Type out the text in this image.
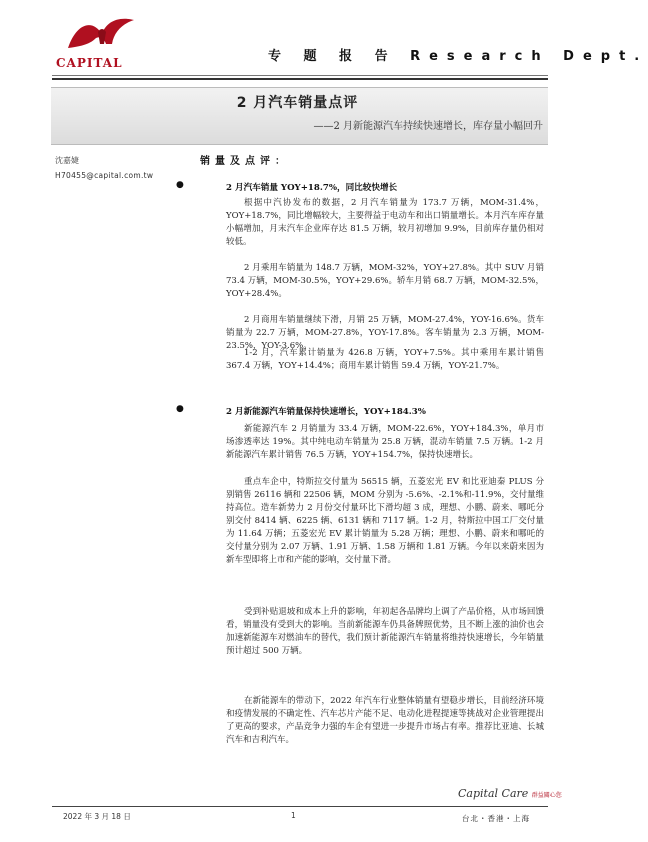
CAPITAL	专 题 报 告 Research Dept.
2 月汽车销量点评
——2 月新能源汽车持续快速增长，库存量小幅回升
沈嘉婕
H70455@capital.com.tw
销量及点评：
●	2 月汽车销量 YOY+18.7%，同比较快增长
根据中汽协发布的数据，2 月汽车销量为 173.7 万辆，MOM-31.4%，YOY+18.7%，同比增幅较大，主要得益于电动车和出口销量增长。本月汽车库存量小幅增加，月末汽车企业库存达 81.5 万辆，较月初增加 9.9%，目前库存量仍相对较低。
2 月乘用车销量为 148.7 万辆，MOM-32%，YOY+27.8%。其中 SUV 月销 73.4 万辆，MOM-30.5%，YOY+29.6%。轿车月销 68.7 万辆，MOM-32.5%，YOY+28.4%。
2 月商用车销量继续下滑，月销 25 万辆，MOM-27.4%，YOY-16.6%。货车销量为 22.7 万辆，MOM-27.8%，YOY-17.8%。客车销量为 2.3 万辆，MOM-23.5%，YOY-3.6%。
1-2 月，汽车累计销量为 426.8 万辆，YOY+7.5%。其中乘用车累计销售 367.4 万辆，YOY+14.4%；商用车累计销售 59.4 万辆，YOY-21.7%。
●	2 月新能源汽车销量保持快速增长，YOY+184.3%
新能源汽车 2 月销量为 33.4 万辆，MOM-22.6%，YOY+184.3%，单月市场渗透率达 19%。其中纯电动车销量为 25.8 万辆，混动车销量 7.5 万辆。1-2 月新能源汽车累计销售 76.5 万辆，YOY+154.7%，保持快速增长。
重点车企中，特斯拉交付量为 56515 辆，五菱宏光 EV 和比亚迪秦 PLUS 分别销售 26116 辆和 22506 辆，MOM 分别为 -5.6%、-2.1%和-11.9%，交付量维持高位。造车新势力 2 月份交付量环比下滑均超 3 成，理想、小鹏、蔚来、哪吒分别交付 8414 辆、6225 辆、6131 辆和 7117 辆。1-2 月，特斯拉中国工厂交付量为 11.64 万辆；五菱宏光 EV 累计销量为 5.28 万辆；理想、小鹏、蔚来和哪吒的交付量分别为 2.07 万辆、1.91 万辆、1.58 万辆和 1.81 万辆。今年以来蔚来因为新车型即将上市和产能的影响，交付量下滑。
受到补贴退坡和成本上升的影响，年初起各品牌均上调了产品价格，从市场回馈看，销量没有受到大的影响。当前新能源车仍具备牌照优势，且不断上涨的油价也会加速新能源车对燃油车的替代，我们预计新能源汽车销量将维持快速增长，今年销量预计超过 500 万辆。
在新能源车的带动下，2022 年汽车行业整体销量有望稳步增长，目前经济环境和疫情发展的不确定性、汽车芯片产能不足、电动化进程提速等挑战对企业管理提出了更高的要求，产品竞争力强的车企有望进一步提升市场占有率。推荐比亚迪、长城汽车和吉利汽车。
Capital Care 群益關心您
2022 年 3 月 18 日	1	台北・香港・上海
